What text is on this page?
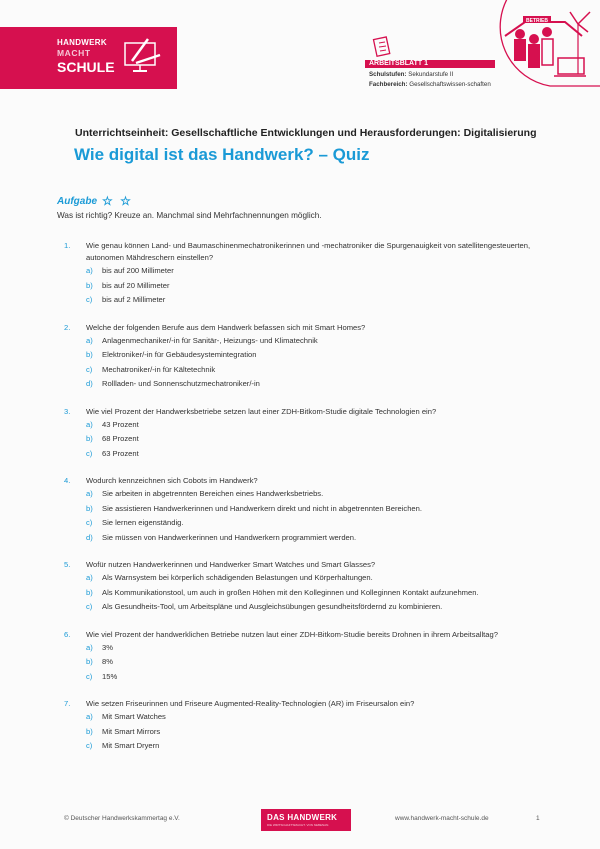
HANDWERK
MACHT
SCHULE	ARBEITSBLATT 1
Schulstufen: Sekundarstufe II
Fachbereich: Gesellschaftswissen-schaften
BETRIEB
Unterrichtseinheit: Gesellschaftliche Entwicklungen und Herausforderungen: Digitalisierung
Wie digital ist das Handwerk? – Quiz
Aufgabe ☆ ☆
Was ist richtig? Kreuze an. Manchmal sind Mehrfachnennungen möglich.
1.	Wie genau können Land- und Baumaschinenmechatronikerinnen und -mechatroniker die Spurgenauigkeit von satellitengesteuerten, autonomen Mähdreschern einstellen?
a)	bis auf 200 Millimeter
b)	bis auf 20 Millimeter
c)	bis auf 2 Millimeter
2.	Welche der folgenden Berufe aus dem Handwerk befassen sich mit Smart Homes?
a)	Anlagenmechaniker/-in für Sanitär-, Heizungs- und Klimatechnik
b)	Elektroniker/-in für Gebäudesystemintegration
c)	Mechatroniker/-in für Kältetechnik
d)	Rollladen- und Sonnenschutzmechatroniker/-in
3.	Wie viel Prozent der Handwerksbetriebe setzen laut einer ZDH-Bitkom-Studie digitale Technologien ein?
a)	43 Prozent
b)	68 Prozent
c)	63 Prozent
4.	Wodurch kennzeichnen sich Cobots im Handwerk?
a)	Sie arbeiten in abgetrennten Bereichen eines Handwerksbetriebs.
b)	Sie assistieren Handwerkerinnen und Handwerkern direkt und nicht in abgetrennten Bereichen.
c)	Sie lernen eigenständig.
d)	Sie müssen von Handwerkerinnen und Handwerkern programmiert werden.
5.	Wofür nutzen Handwerkerinnen und Handwerker Smart Watches und Smart Glasses?
a)	Als Warnsystem bei körperlich schädigenden Belastungen und Körperhaltungen.
b)	Als Kommunikationstool, um auch in großen Höhen mit den Kolleginnen und Kolleginnen Kontakt aufzunehmen.
c)	Als Gesundheits-Tool, um Arbeitspläne und Ausgleichsübungen gesundheitsfördernd zu kombinieren.
6.	Wie viel Prozent der handwerklichen Betriebe nutzen laut einer ZDH-Bitkom-Studie bereits Drohnen in ihrem Arbeitsalltag?
a)	3%
b)	8%
c)	15%
7.	Wie setzen Friseurinnen und Friseure Augmented-Reality-Technologien (AR) im Friseursalon ein?
a)	Mit Smart Watches
b)	Mit Smart Mirrors
c)	Mit Smart Dryern
© Deutscher Handwerkskammertag e.V.	DAS HANDWERK
DIE WIRTSCHAFTSMACHT. VON NEBENAN.
www.handwerk-macht-schule.de	1
